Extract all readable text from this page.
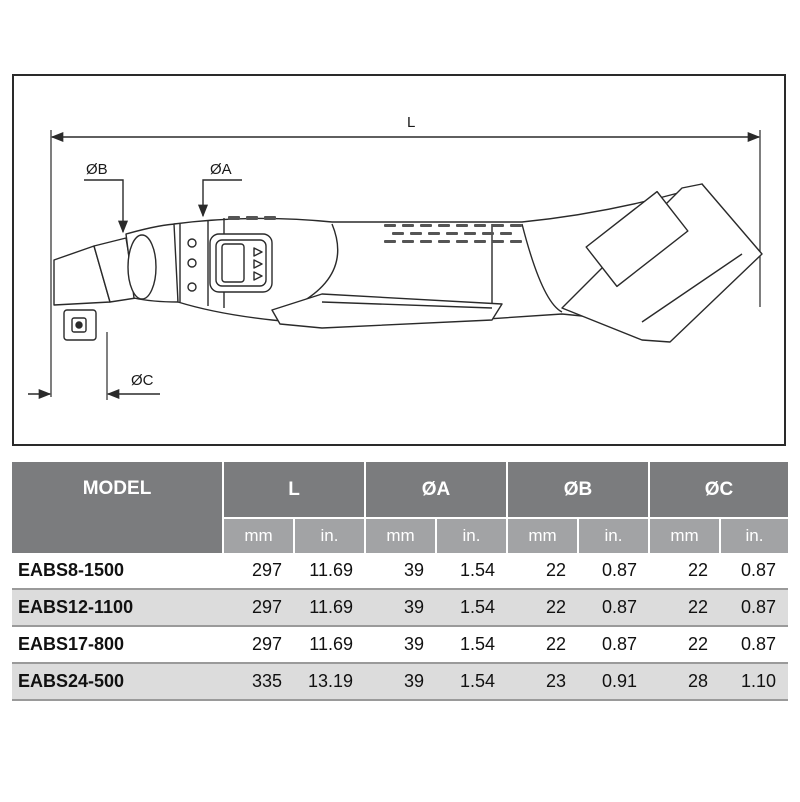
L
ØB	ØA
ØC
MODEL	L		ØA		ØB		ØC	
	mm	in.	mm	in.	mm	in.	mm	in.
EABS8-1500	297	11.69	39	1.54	22	0.87	22	0.87
EABS12-1100	297	11.69	39	1.54	22	0.87	22	0.87
EABS17-800	297	11.69	39	1.54	22	0.87	22	0.87
EABS24-500	335	13.19	39	1.54	23	0.91	28	1.10
